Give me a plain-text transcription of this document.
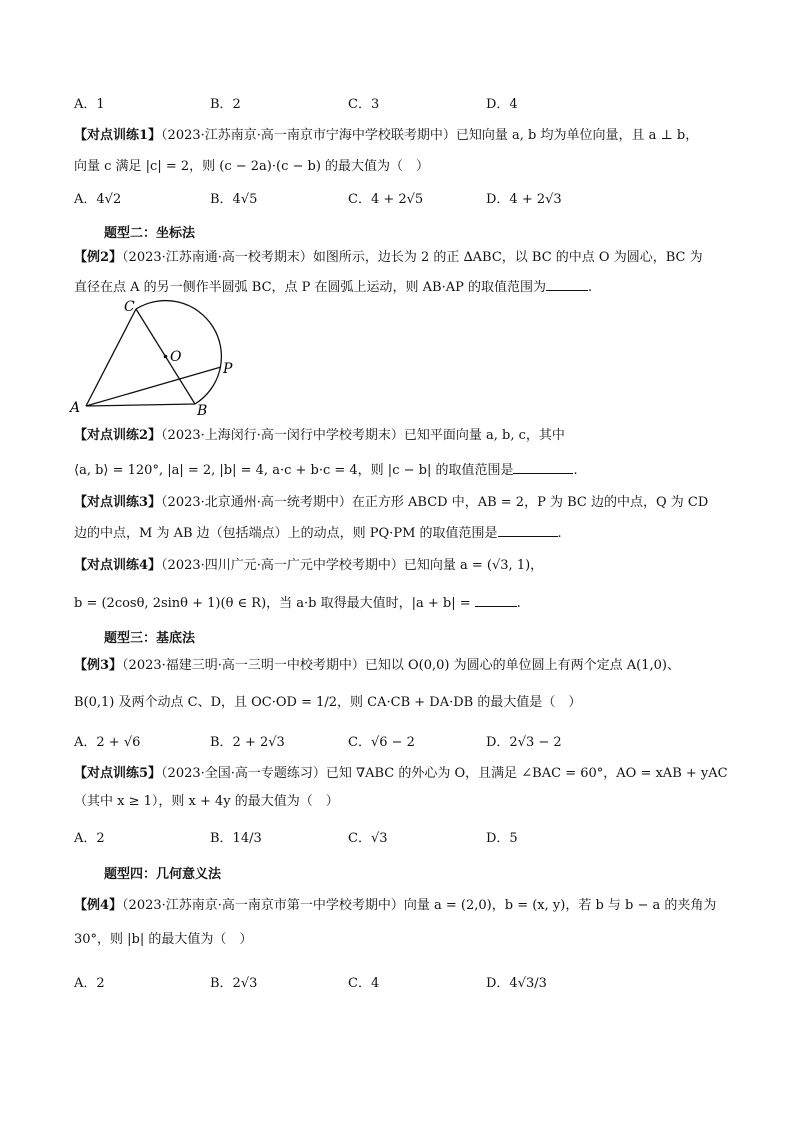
A．1	B．2	C．3	D．4
【对点训练1】（2023·江苏南京·高一南京市宁海中学校联考期中）已知向量 a, b 均为单位向量，且 a ⊥ b，
向量 c 满足 |c| = 2，则 (c − 2a)·(c − b) 的最大值为（　）
A．4√2	B．4√5	C．4 + 2√5	D．4 + 2√3
题型二：坐标法
【例2】（2023·江苏南通·高一校考期末）如图所示，边长为 2 的正 ∆ABC，以 BC 的中点 O 为圆心，BC 为
直径在点 A 的另一侧作半圆弧 BC，点 P 在圆弧上运动，则 AB·AP 的取值范围为	.
C
O
P
A	B
【对点训练2】（2023·上海闵行·高一闵行中学校考期末）已知平面向量 a, b, c，其中
⟨a, b⟩ = 120°, |a| = 2, |b| = 4, a·c + b·c = 4，则 |c − b| 的取值范围是	.
【对点训练3】（2023·北京通州·高一统考期中）在正方形 ABCD 中，AB = 2，P 为 BC 边的中点，Q 为 CD
边的中点，M 为 AB 边（包括端点）上的动点，则 PQ·PM 的取值范围是	.
【对点训练4】（2023·四川广元·高一广元中学校考期中）已知向量 a = (√3, 1)，
b = (2cosθ, 2sinθ + 1)(θ ∈ R)，当 a·b 取得最大值时，|a + b| =	.
题型三：基底法
【例3】（2023·福建三明·高一三明一中校考期中）已知以 O(0,0) 为圆心的单位圆上有两个定点 A(1,0)、
B(0,1) 及两个动点 C、D，且 OC·OD = 1/2，则 CA·CB + DA·DB 的最大值是（　）
A．2 + √6	B．2 + 2√3	C．√6 − 2	D．2√3 − 2
【对点训练5】（2023·全国·高一专题练习）已知 ∇ABC 的外心为 O，且满足 ∠BAC = 60°，AO = xAB + yAC
（其中 x ≥ 1），则 x + 4y 的最大值为（　）
A．2	B．14/3	C．√3	D．5
题型四：几何意义法
【例4】（2023·江苏南京·高一南京市第一中学校考期中）向量 a = (2,0)，b = (x, y)，若 b 与 b − a 的夹角为
30°，则 |b| 的最大值为（　）
A．2	B．2√3	C．4	D．4√3/3
